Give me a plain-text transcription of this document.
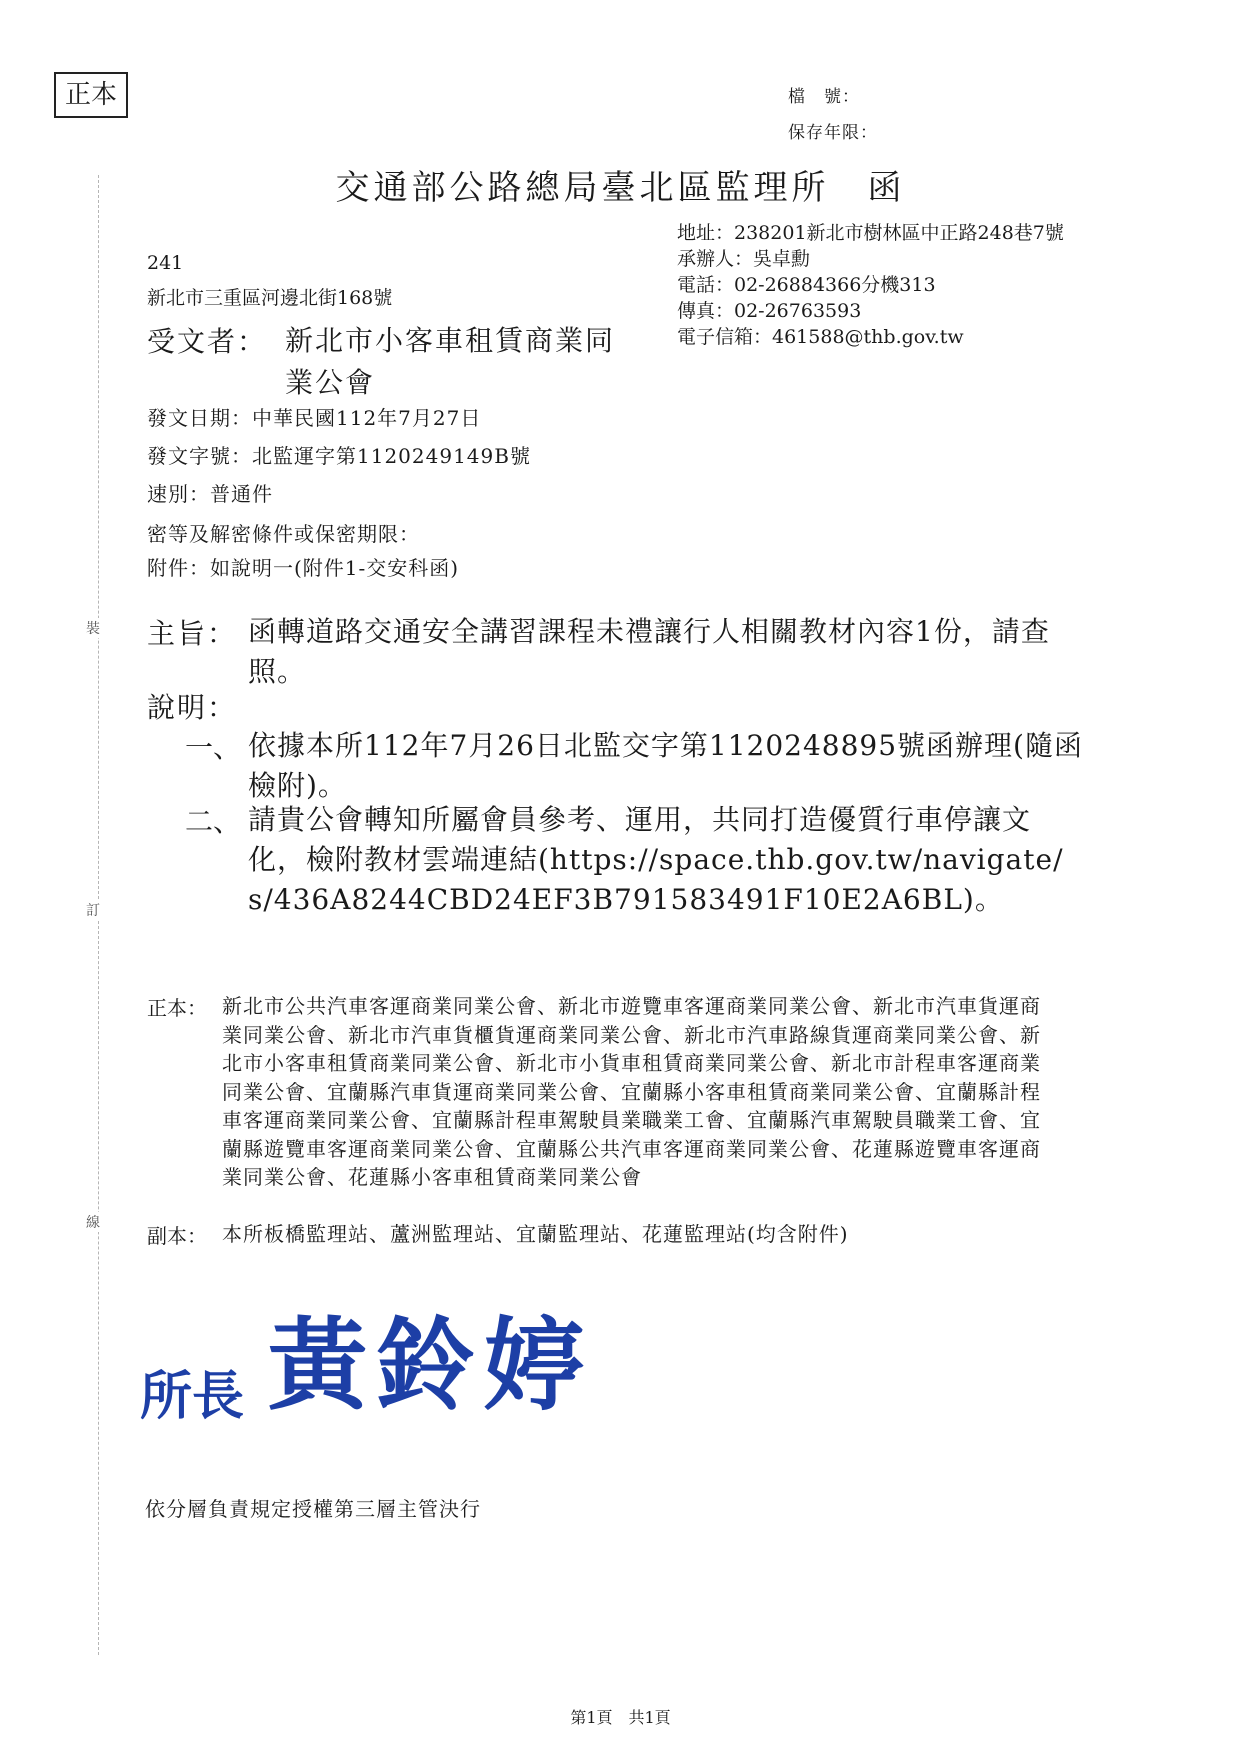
裝
訂
線
正本	檔　號：
保存年限：
交通部公路總局臺北區監理所　函
地址：238201新北市樹林區中正路248巷7號
承辦人：吳卓勳
電話：02-26884366分機313
傳真：02-26763593
電子信箱：461588@thb.gov.tw
241
新北市三重區河邊北街168號
受文者： 新北市小客車租賃商業同業公會
發文日期：中華民國112年7月27日
發文字號：北監運字第1120249149B號
速別：普通件
密等及解密條件或保密期限：
附件：如說明一(附件1-交安科函)
主旨： 函轉道路交通安全講習課程未禮讓行人相關教材內容1份，請查照。
說明：
一、 依據本所112年7月26日北監交字第1120248895號函辦理(隨函檢附)。
二、 請貴公會轉知所屬會員參考、運用，共同打造優質行車停讓文化，檢附教材雲端連結(https://space.thb.gov.tw/navigate/s/436A8244CBD24EF3B791583491F10E2A6BL)。
正本： 新北市公共汽車客運商業同業公會、新北市遊覽車客運商業同業公會、新北市汽車貨運商業同業公會、新北市汽車貨櫃貨運商業同業公會、新北市汽車路線貨運商業同業公會、新北市小客車租賃商業同業公會、新北市小貨車租賃商業同業公會、新北市計程車客運商業同業公會、宜蘭縣汽車貨運商業同業公會、宜蘭縣小客車租賃商業同業公會、宜蘭縣計程車客運商業同業公會、宜蘭縣計程車駕駛員業職業工會、宜蘭縣汽車駕駛員職業工會、宜蘭縣遊覽車客運商業同業公會、宜蘭縣公共汽車客運商業同業公會、花蓮縣遊覽車客運商業同業公會、花蓮縣小客車租賃商業同業公會
副本： 本所板橋監理站、蘆洲監理站、宜蘭監理站、花蓮監理站(均含附件)
所長 黃鈴婷
依分層負責規定授權第三層主管決行
第1頁　共1頁
